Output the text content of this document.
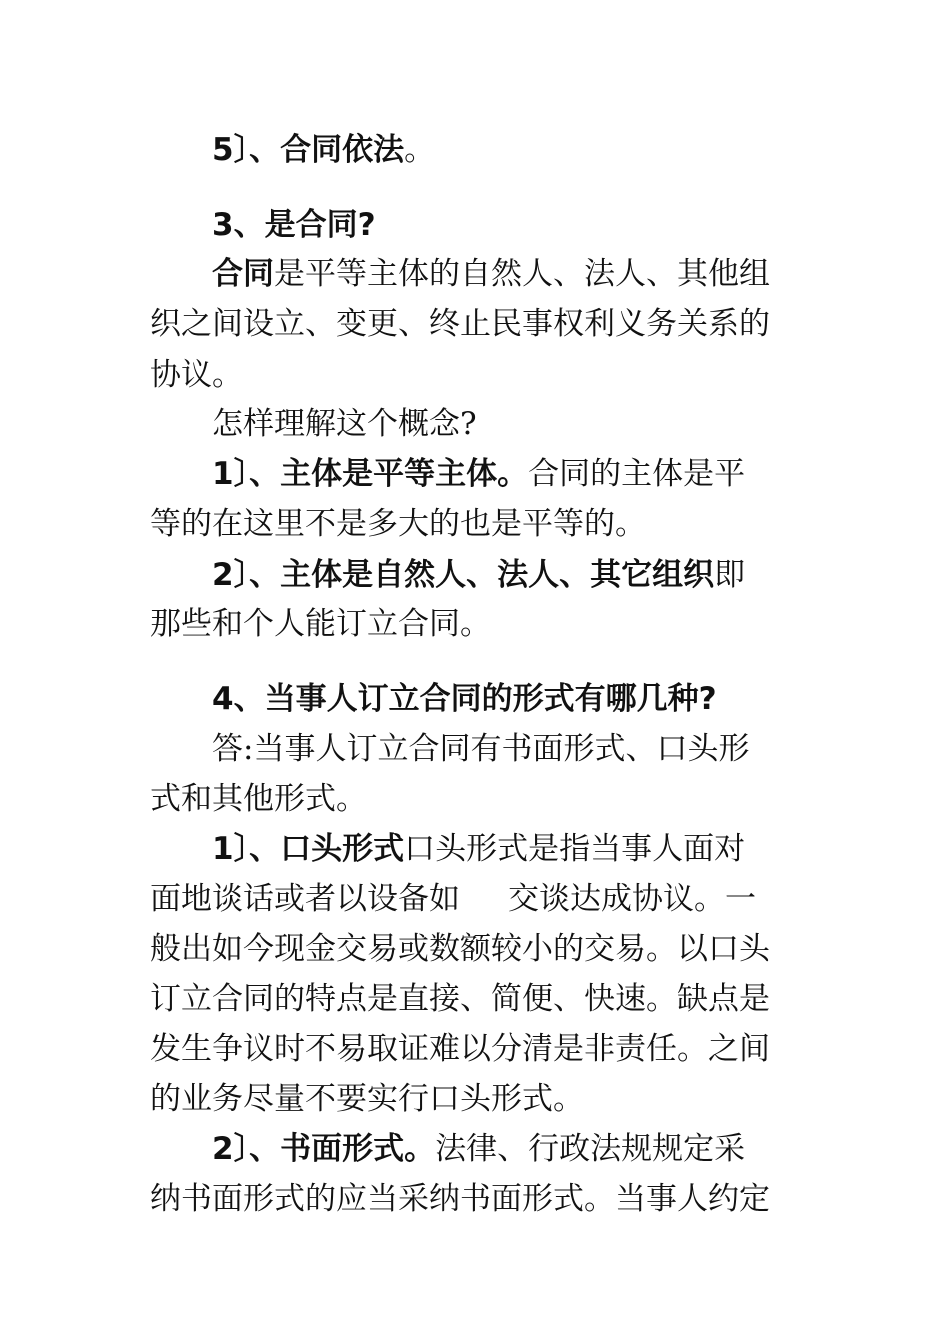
5〕、合同依法。
3、是合同?
合同是平等主体的自然人、法人、其他组
织之间设立、变更、终止民事权利义务关系的
协议。
怎样理解这个概念?
1〕、主体是平等主体。合同的主体是平
等的在这里不是多大的也是平等的。
2〕、主体是自然人、法人、其它组织即
那些和个人能订立合同。
4、当事人订立合同的形式有哪几种?
答:当事人订立合同有书面形式、口头形
式和其他形式。
1〕、口头形式口头形式是指当事人面对
面地谈话或者以设备如 交谈达成协议。一
般出如今现金交易或数额较小的交易。以口头
订立合同的特点是直接、简便、快速。缺点是
发生争议时不易取证难以分清是非责任。之间
的业务尽量不要实行口头形式。
2〕、书面形式。法律、行政法规规定采
纳书面形式的应当采纳书面形式。当事人约定
